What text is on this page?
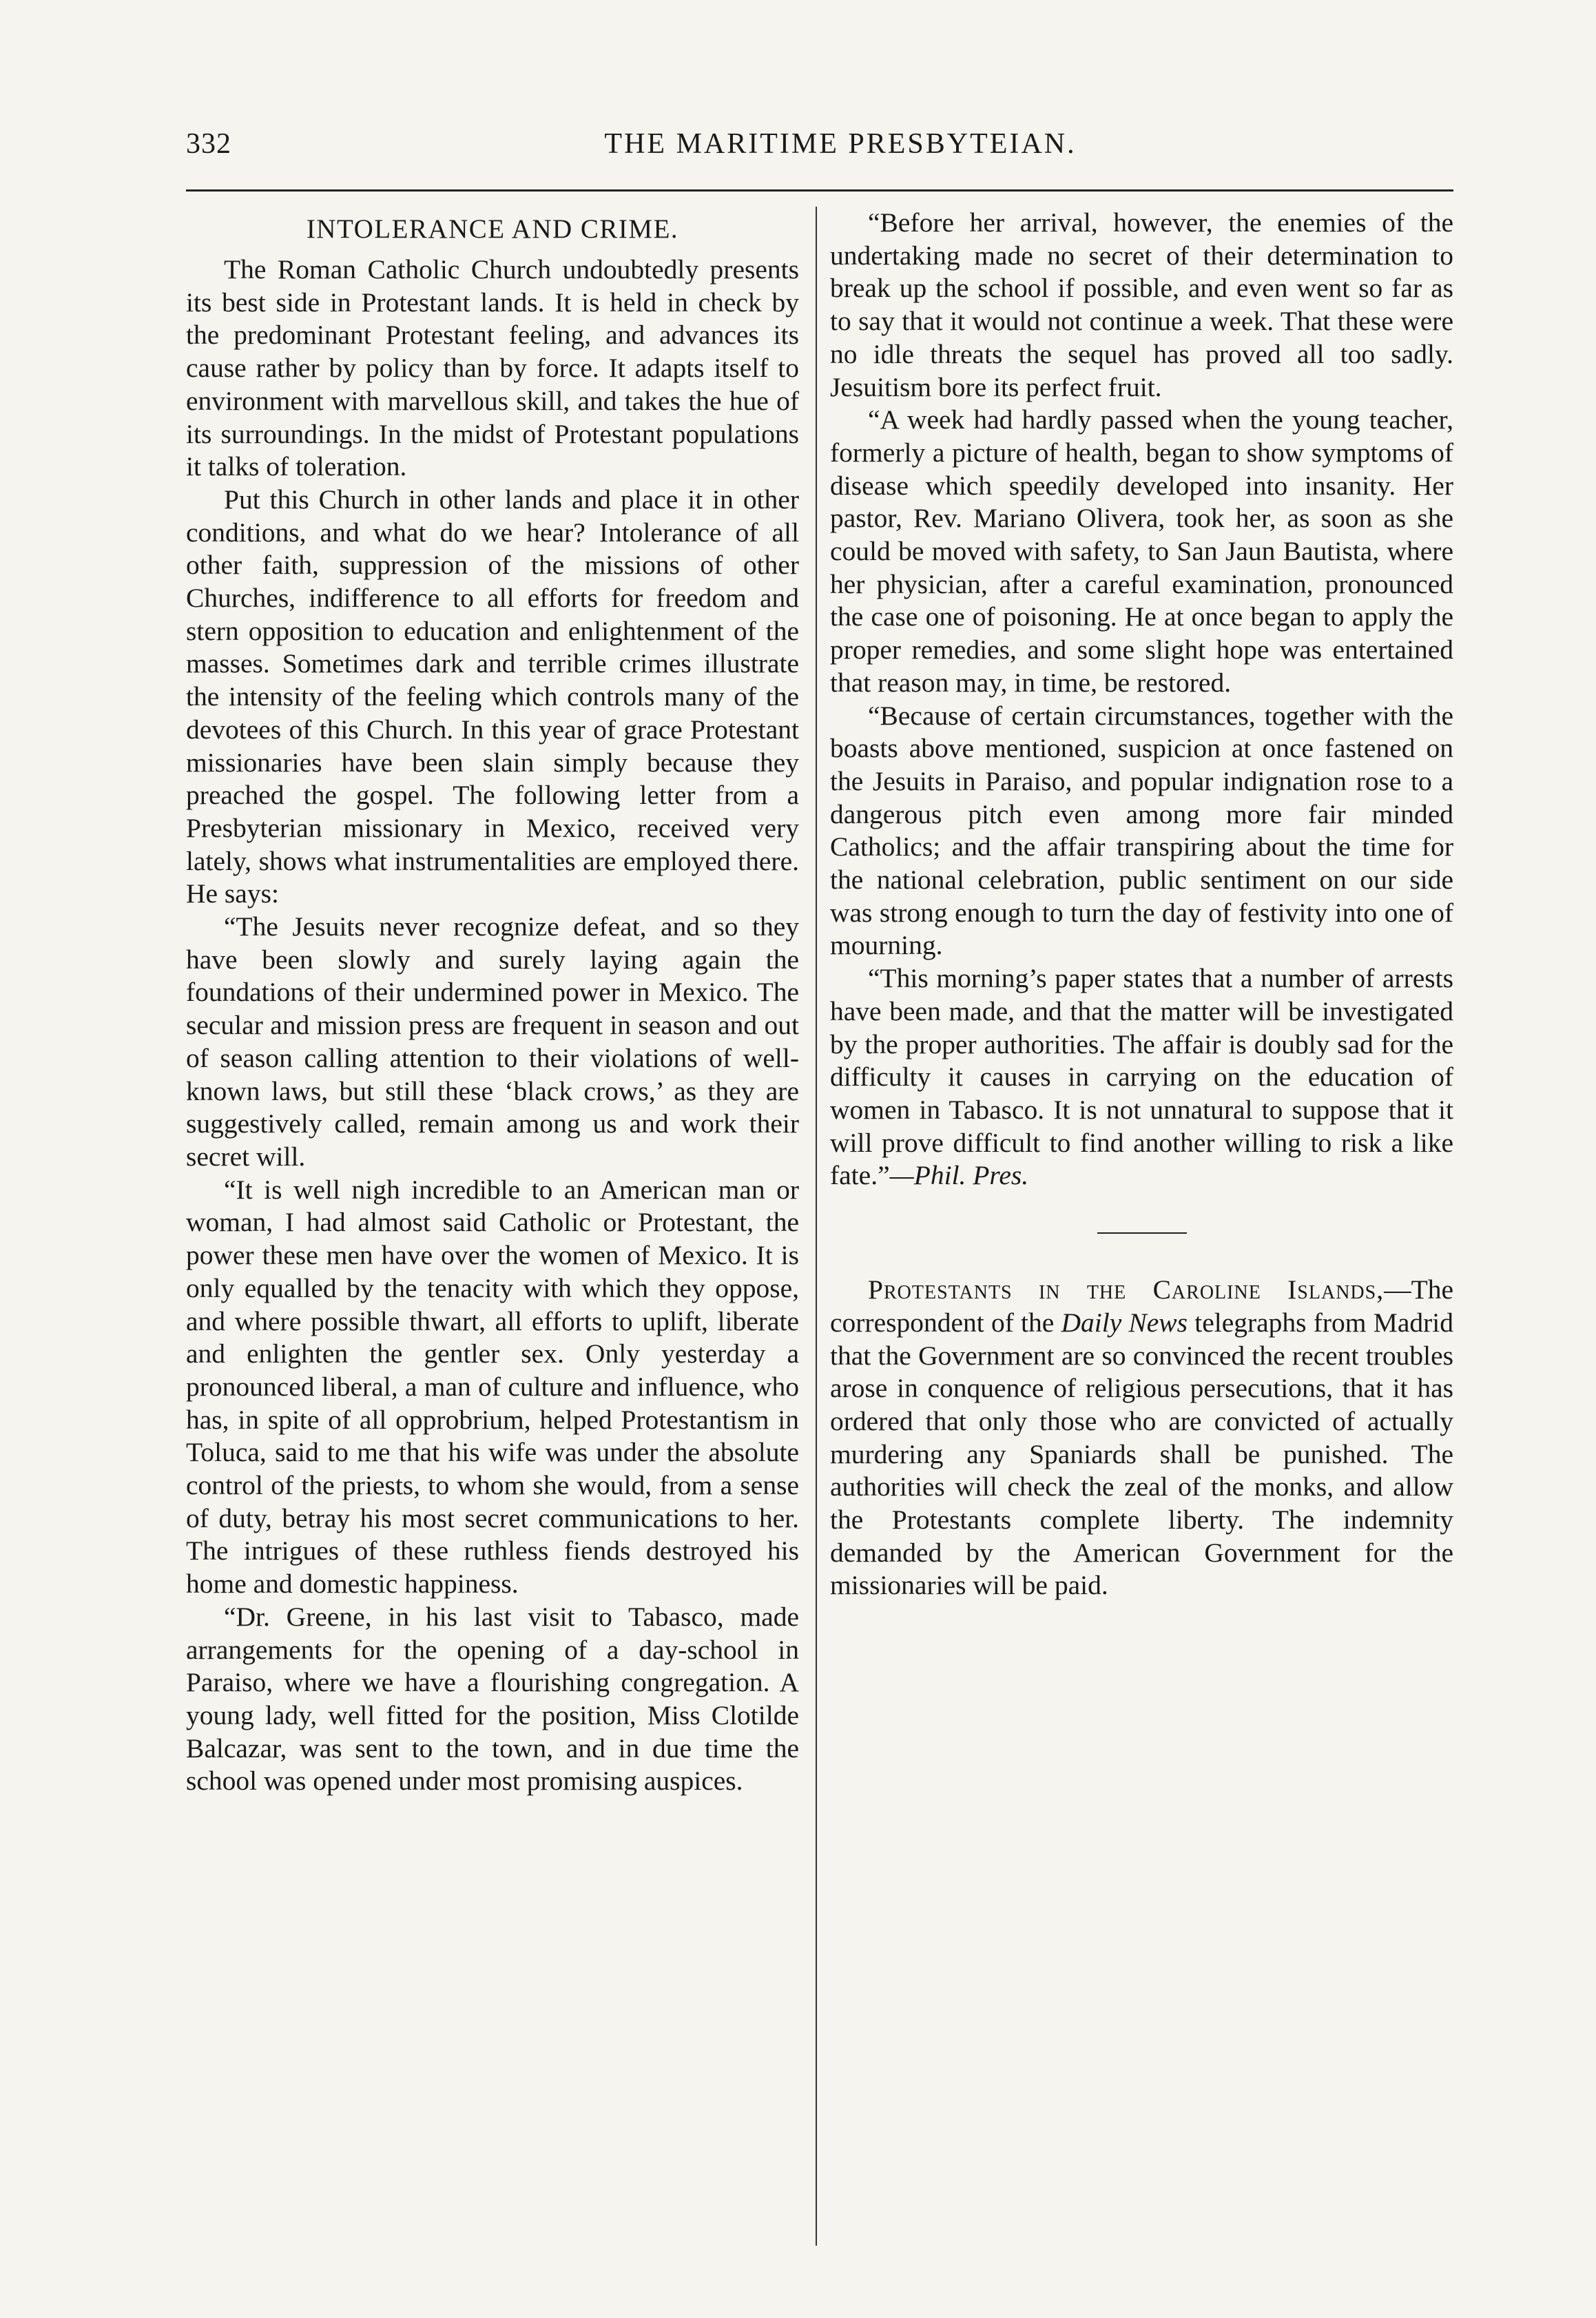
332	THE MARITIME PRESBYTEIAN.
INTOLERANCE AND CRIME.

The Roman Catholic Church undoubtedly presents its best side in Protestant lands. It is held in check by the predominant Protestant feeling, and advances its cause rather by policy than by force. It adapts itself to environment with marvellous skill, and takes the hue of its surroundings. In the midst of Protestant populations it talks of toleration.

Put this Church in other lands and place it in other conditions, and what do we hear? Intolerance of all other faith, suppression of the missions of other Churches, indifference to all efforts for freedom and stern opposition to education and enlightenment of the masses. Sometimes dark and terrible crimes illustrate the intensity of the feeling which controls many of the devotees of this Church. In this year of grace Protestant missionaries have been slain simply because they preached the gospel. The following letter from a Presbyterian missionary in Mexico, received very lately, shows what instrumentalities are employed there. He says:

“The Jesuits never recognize defeat, and so they have been slowly and surely laying again the foundations of their undermined power in Mexico. The secular and mission press are frequent in season and out of season calling attention to their violations of well-known laws, but still these ‘black crows,’ as they are suggestively called, remain among us and work their secret will.

“It is well nigh incredible to an American man or woman, I had almost said Catholic or Protestant, the power these men have over the women of Mexico. It is only equalled by the tenacity with which they oppose, and where possible thwart, all efforts to uplift, liberate and enlighten the gentler sex. Only yesterday a pronounced liberal, a man of culture and influence, who has, in spite of all opprobrium, helped Protestantism in Toluca, said to me that his wife was under the absolute control of the priests, to whom she would, from a sense of duty, betray his most secret communications to her. The intrigues of these ruthless fiends destroyed his home and domestic happiness.

“Dr. Greene, in his last visit to Tabasco, made arrangements for the opening of a day-school in Paraiso, where we have a flourishing congregation. A young lady, well fitted for the position, Miss Clotilde Balcazar, was sent to the town, and in due time the school was opened under most promising auspices.

“Before her arrival, however, the enemies of the undertaking made no secret of their determination to break up the school if possible, and even went so far as to say that it would not continue a week. That these were no idle threats the sequel has proved all too sadly. Jesuitism bore its perfect fruit.

“A week had hardly passed when the young teacher, formerly a picture of health, began to show symptoms of disease which speedily developed into insanity. Her pastor, Rev. Mariano Olivera, took her, as soon as she could be moved with safety, to San Jaun Bautista, where her physician, after a careful examination, pronounced the case one of poisoning. He at once began to apply the proper remedies, and some slight hope was entertained that reason may, in time, be restored.

“Because of certain circumstances, together with the boasts above mentioned, suspicion at once fastened on the Jesuits in Paraiso, and popular indignation rose to a dangerous pitch even among more fair minded Catholics; and the affair transpiring about the time for the national celebration, public sentiment on our side was strong enough to turn the day of festivity into one of mourning.

“This morning’s paper states that a number of arrests have been made, and that the matter will be investigated by the proper authorities. The affair is doubly sad for the difficulty it causes in carrying on the education of women in Tabasco. It is not unnatural to suppose that it will prove difficult to find another willing to risk a like fate.”—Phil. Pres.

Protestants in the Caroline Islands,—The correspondent of the Daily News telegraphs from Madrid that the Government are so convinced the recent troubles arose in conquence of religious persecutions, that it has ordered that only those who are convicted of actually murdering any Spaniards shall be punished. The authorities will check the zeal of the monks, and allow the Protestants complete liberty. The indemnity demanded by the American Government for the missionaries will be paid.
